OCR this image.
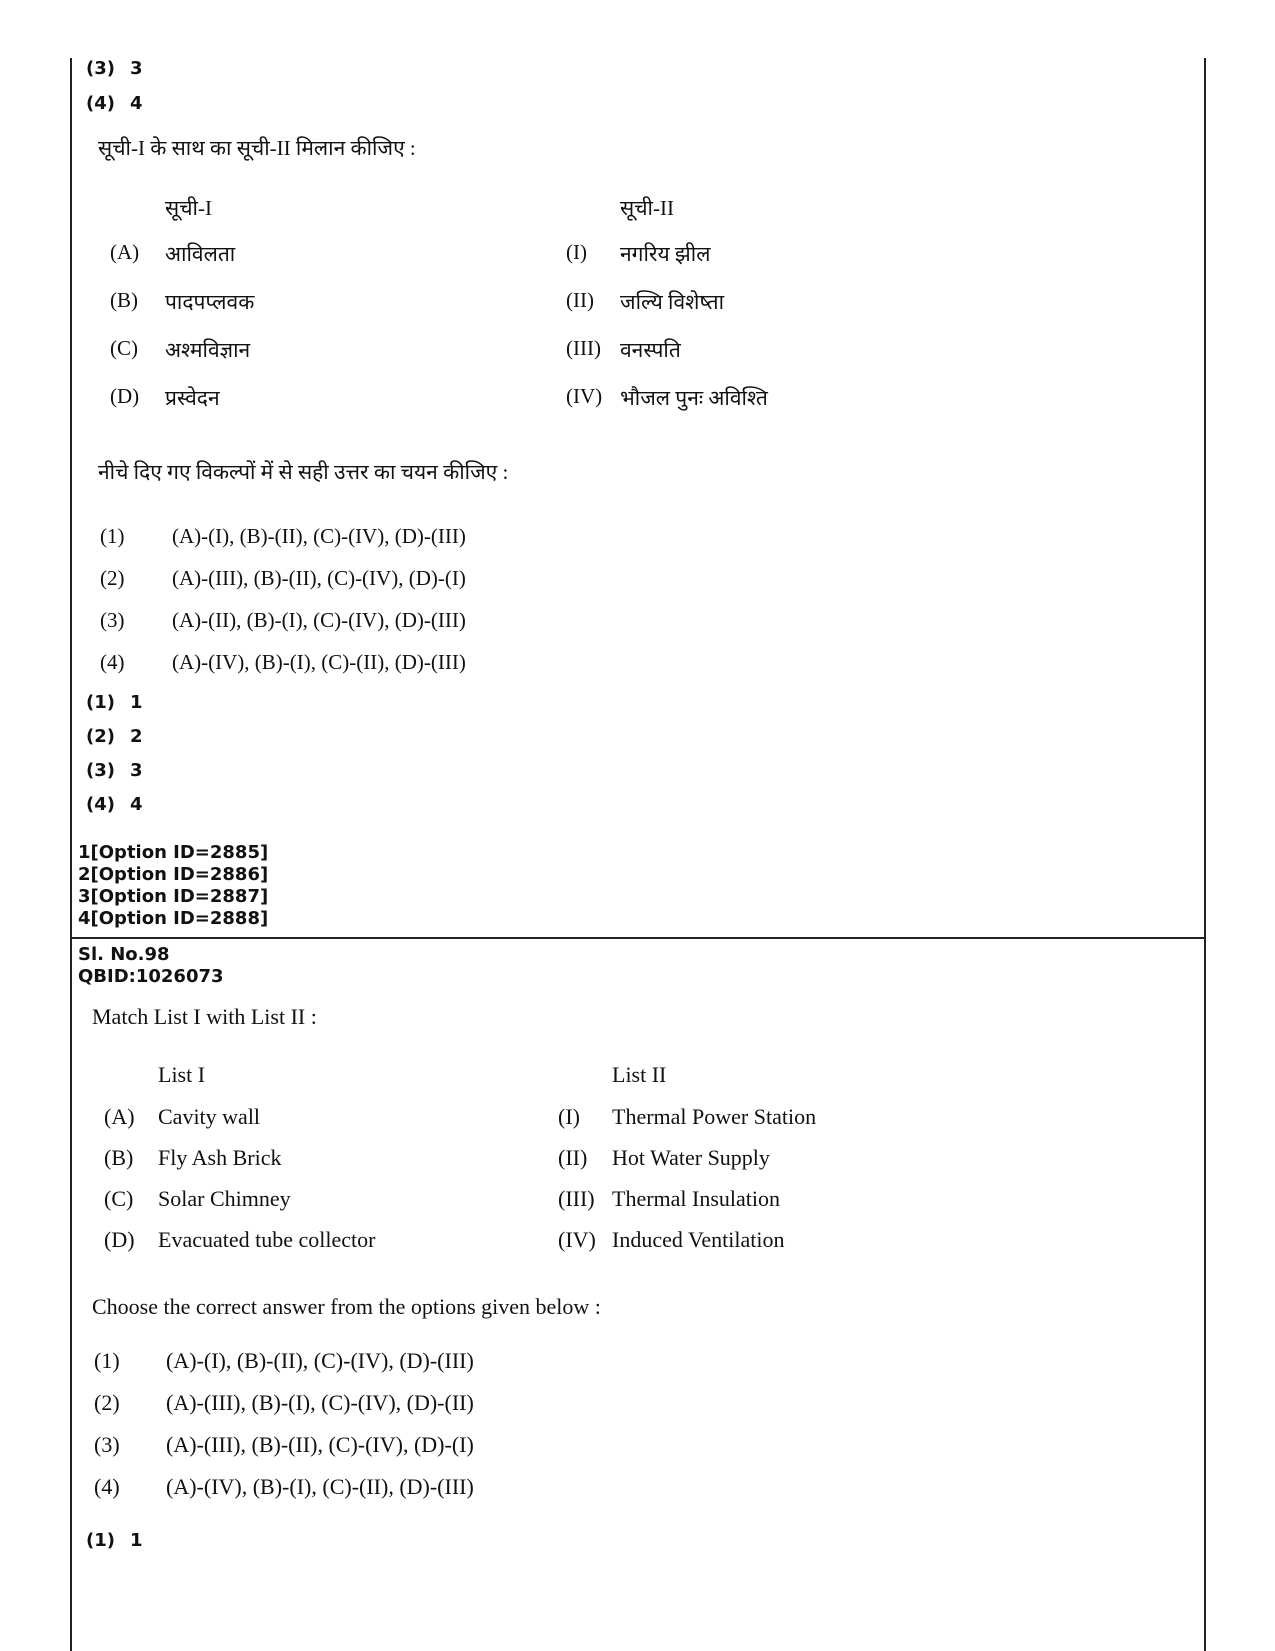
(3) 3
(4) 4
सूची-I के साथ का सूची-II मिलान कीजिए :
सूची-I	सूची-II
(A) आविलता
(B) पादपप्लवक
(C) अश्मविज्ञान
(D) प्रस्वेदन
(I) नगरिय झील
(II) जल्यि विशेष्ता
(III) वनस्पति
(IV) भौजल पुनः अविश्ति
नीचे दिए गए विकल्पों में से सही उत्तर का चयन कीजिए :
(1) (A)-(I), (B)-(II), (C)-(IV), (D)-(III)
(2) (A)-(III), (B)-(II), (C)-(IV), (D)-(I)
(3) (A)-(II), (B)-(I), (C)-(IV), (D)-(III)
(4) (A)-(IV), (B)-(I), (C)-(II), (D)-(III)
(1) 1
(2) 2
(3) 3
(4) 4
1[Option ID=2885]
2[Option ID=2886]
3[Option ID=2887]
4[Option ID=2888]
Sl. No.98
QBID:1026073
Match List I with List II :
List I	List II
(A) Cavity wall
(B) Fly Ash Brick
(C) Solar Chimney
(D) Evacuated tube collector
(I) Thermal Power Station
(II) Hot Water Supply
(III) Thermal Insulation
(IV) Induced Ventilation
Choose the correct answer from the options given below :
(1) (A)-(I), (B)-(II), (C)-(IV), (D)-(III)
(2) (A)-(III), (B)-(I), (C)-(IV), (D)-(II)
(3) (A)-(III), (B)-(II), (C)-(IV), (D)-(I)
(4) (A)-(IV), (B)-(I), (C)-(II), (D)-(III)
(1) 1
